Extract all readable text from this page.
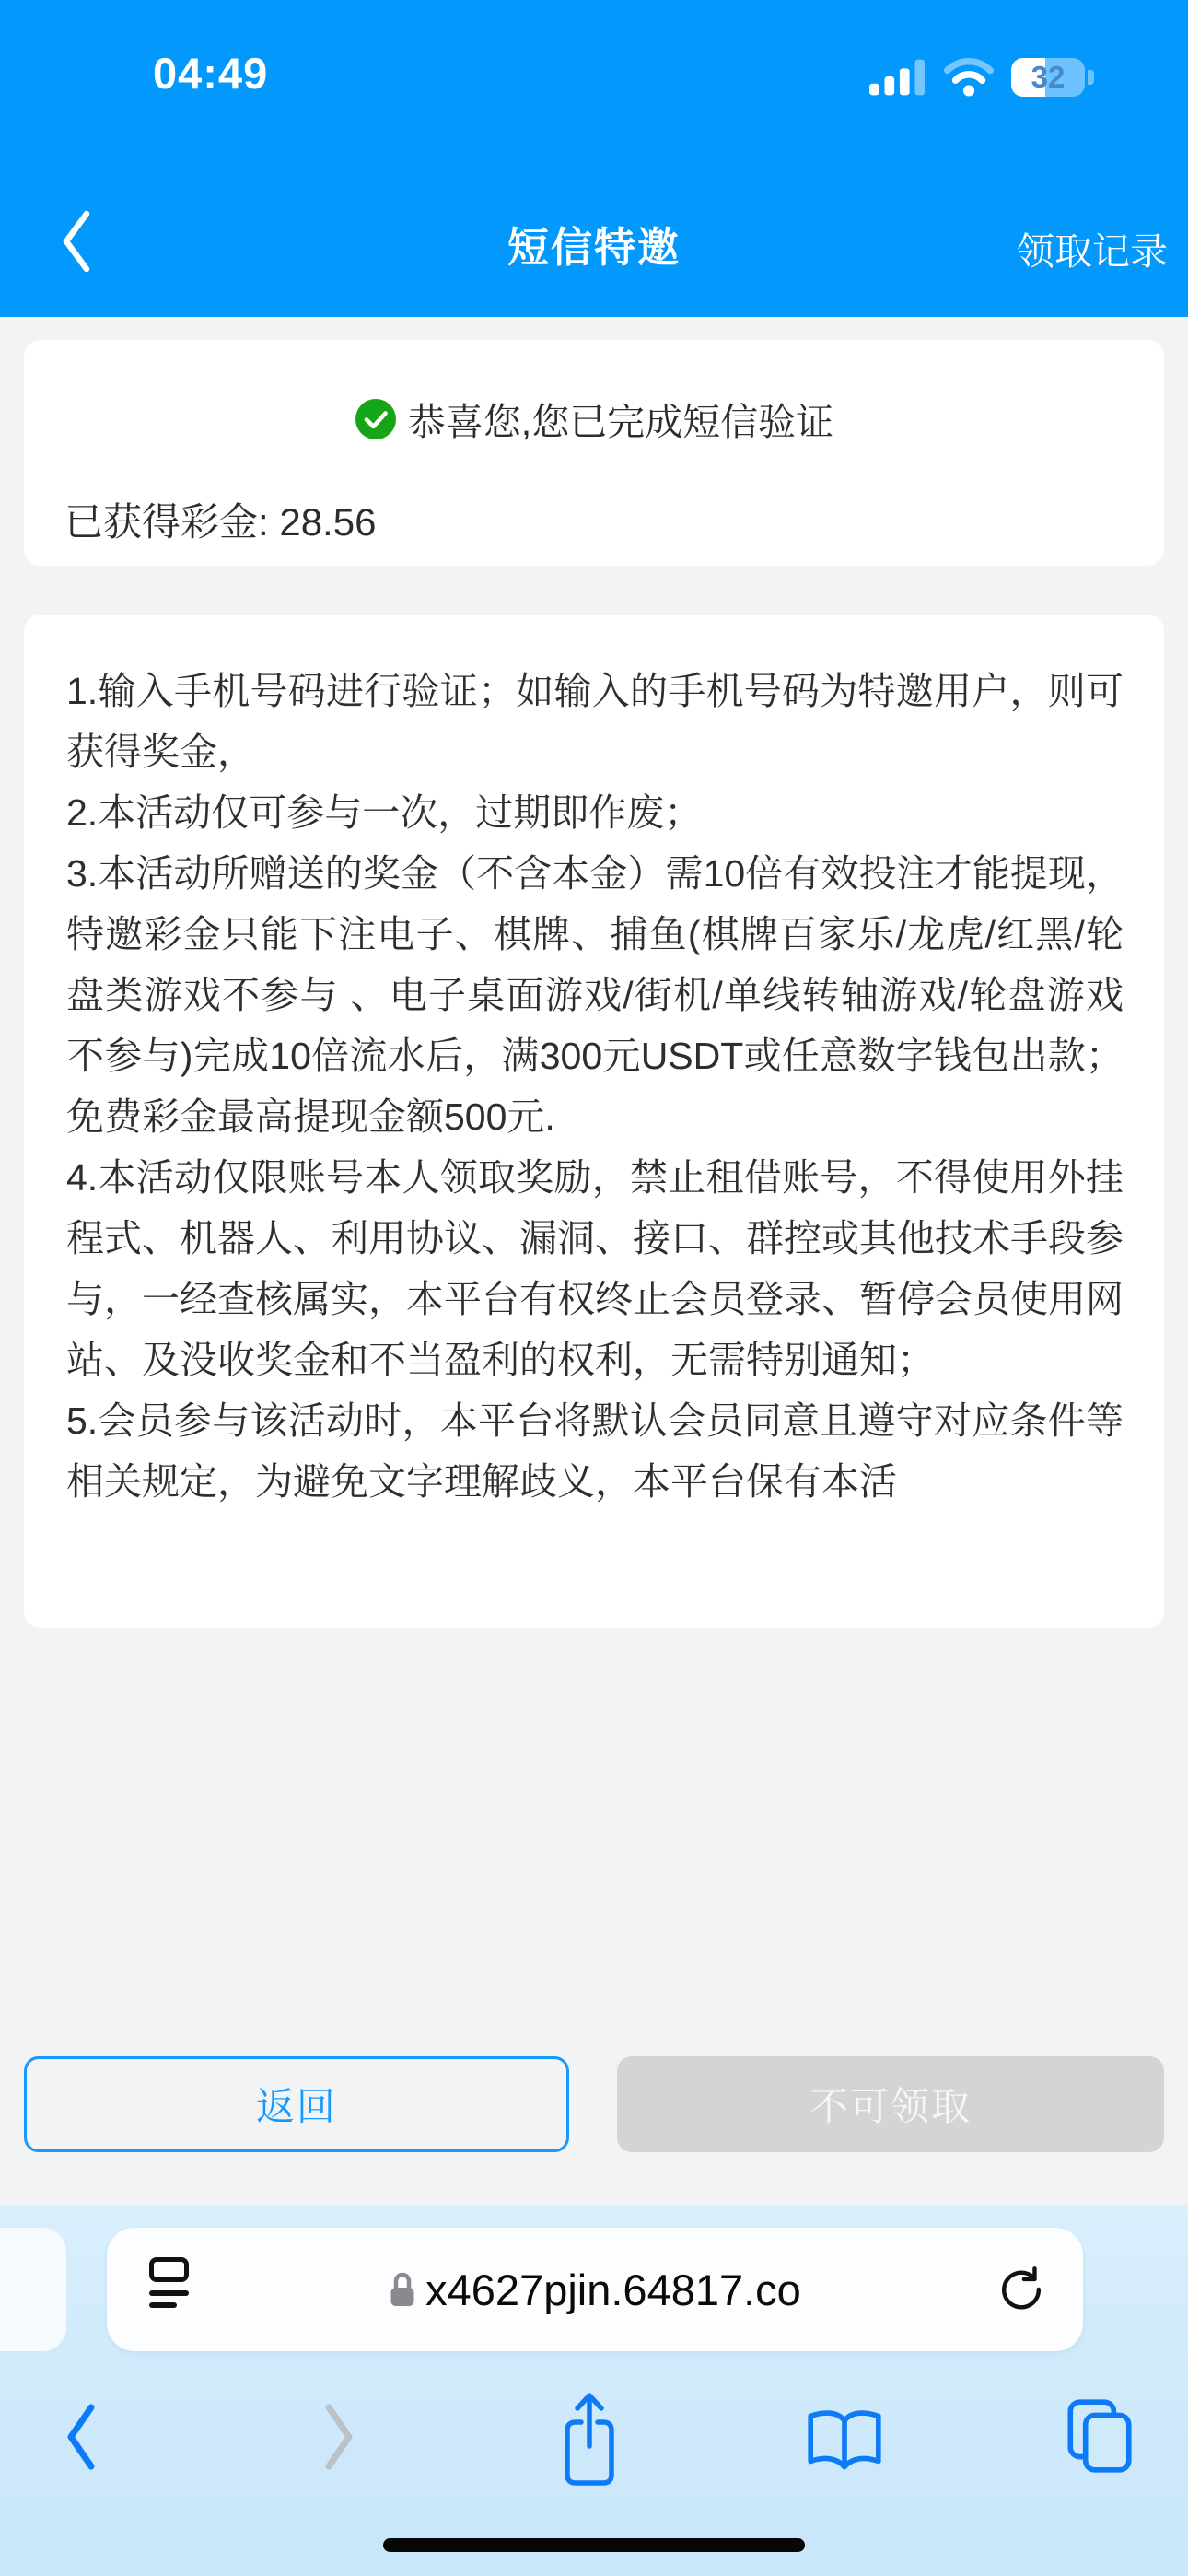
04:49	32
短信特邀	领取记录
恭喜您,您已完成短信验证
已获得彩金: 28.56

1.输入手机号码进行验证；如输入的手机号码为特邀用户，则可获得奖金，

2.本活动仅可参与一次，过期即作废；

3.本活动所赠送的奖金（不含本金）需10倍有效投注才能提现，特邀彩金只能下注电子、棋牌、捕鱼(棋牌百家乐/龙虎/红黑/轮盘类游戏不参与 、电子桌面游戏/街机/单线转轴游戏/轮盘游戏不参与)完成10倍流水后，满300元USDT或任意数字钱包出款；免费彩金最高提现金额500元.

4.本活动仅限账号本人领取奖励，禁止租借账号，不得使用外挂程式、机器人、利用协议、漏洞、接口、群控或其他技术手段参与，一经查核属实，本平台有权终止会员登录、暂停会员使用网站、及没收奖金和不当盈利的权利，无需特别通知；

5.会员参与该活动时，本平台将默认会员同意且遵守对应条件等相关规定，为避免文字理解歧义，本平台保有本活

返回	不可领取
x4627pjin.64817.co
